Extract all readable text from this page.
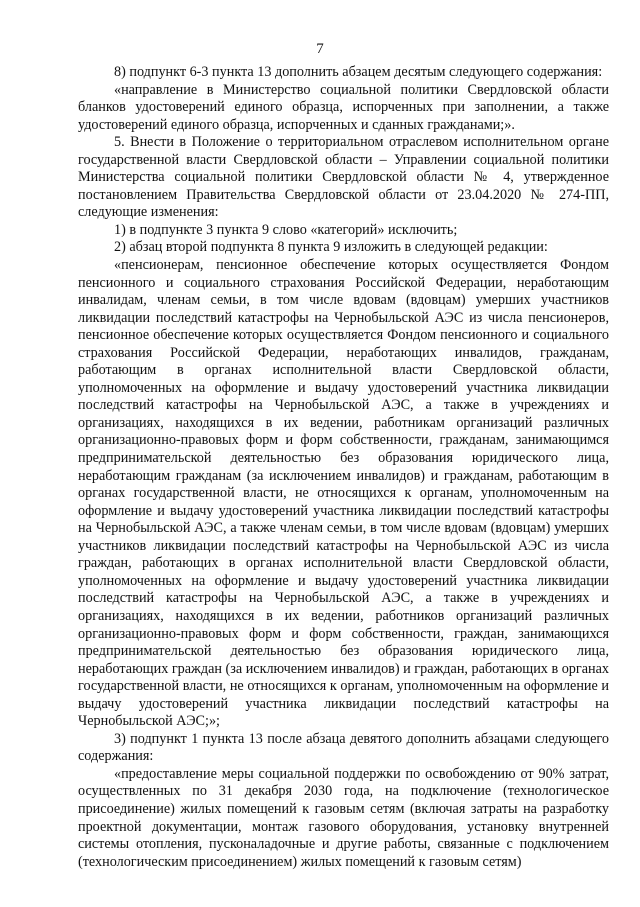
7

8) подпункт 6-3 пункта 13 дополнить абзацем десятым следующего содержания:

«направление в Министерство социальной политики Свердловской области бланков удостоверений единого образца, испорченных при заполнении, а также удостоверений единого образца, испорченных и сданных гражданами;».

5. Внести в Положение о территориальном отраслевом исполнительном органе государственной власти Свердловской области – Управлении социальной политики Министерства социальной политики Свердловской области № 4, утвержденное постановлением Правительства Свердловской области от 23.04.2020 № 274-ПП, следующие изменения:

1) в подпункте 3 пункта 9 слово «категорий» исключить;

2) абзац второй подпункта 8 пункта 9 изложить в следующей редакции:

«пенсионерам, пенсионное обеспечение которых осуществляется Фондом пенсионного и социального страхования Российской Федерации, неработающим инвалидам, членам семьи, в том числе вдовам (вдовцам) умерших участников ликвидации последствий катастрофы на Чернобыльской АЭС из числа пенсионеров, пенсионное обеспечение которых осуществляется Фондом пенсионного и социального страхования Российской Федерации, неработающих инвалидов, гражданам, работающим в органах исполнительной власти Свердловской области, уполномоченных на оформление и выдачу удостоверений участника ликвидации последствий катастрофы на Чернобыльской АЭС, а также в учреждениях и организациях, находящихся в их ведении, работникам организаций различных организационно-правовых форм и форм собственности, гражданам, занимающимся предпринимательской деятельностью без образования юридического лица, неработающим гражданам (за исключением инвалидов) и гражданам, работающим в органах государственной власти, не относящихся к органам, уполномоченным на оформление и выдачу удостоверений участника ликвидации последствий катастрофы на Чернобыльской АЭС, а также членам семьи, в том числе вдовам (вдовцам) умерших участников ликвидации последствий катастрофы на Чернобыльской АЭС из числа граждан, работающих в органах исполнительной власти Свердловской области, уполномоченных на оформление и выдачу удостоверений участника ликвидации последствий катастрофы на Чернобыльской АЭС, а также в учреждениях и организациях, находящихся в их ведении, работников организаций различных организационно-правовых форм и форм собственности, граждан, занимающихся предпринимательской деятельностью без образования юридического лица, неработающих граждан (за исключением инвалидов) и граждан, работающих в органах государственной власти, не относящихся к органам, уполномоченным на оформление и выдачу удостоверений участника ликвидации последствий катастрофы на Чернобыльской АЭС;»;

3) подпункт 1 пункта 13 после абзаца девятого дополнить абзацами следующего содержания:

«предоставление меры социальной поддержки по освобождению от 90% затрат, осуществленных по 31 декабря 2030 года, на подключение (технологическое присоединение) жилых помещений к газовым сетям (включая затраты на разработку проектной документации, монтаж газового оборудования, установку внутренней системы отопления, пусконаладочные и другие работы, связанные с подключением (технологическим присоединением) жилых помещений к газовым сетям)
